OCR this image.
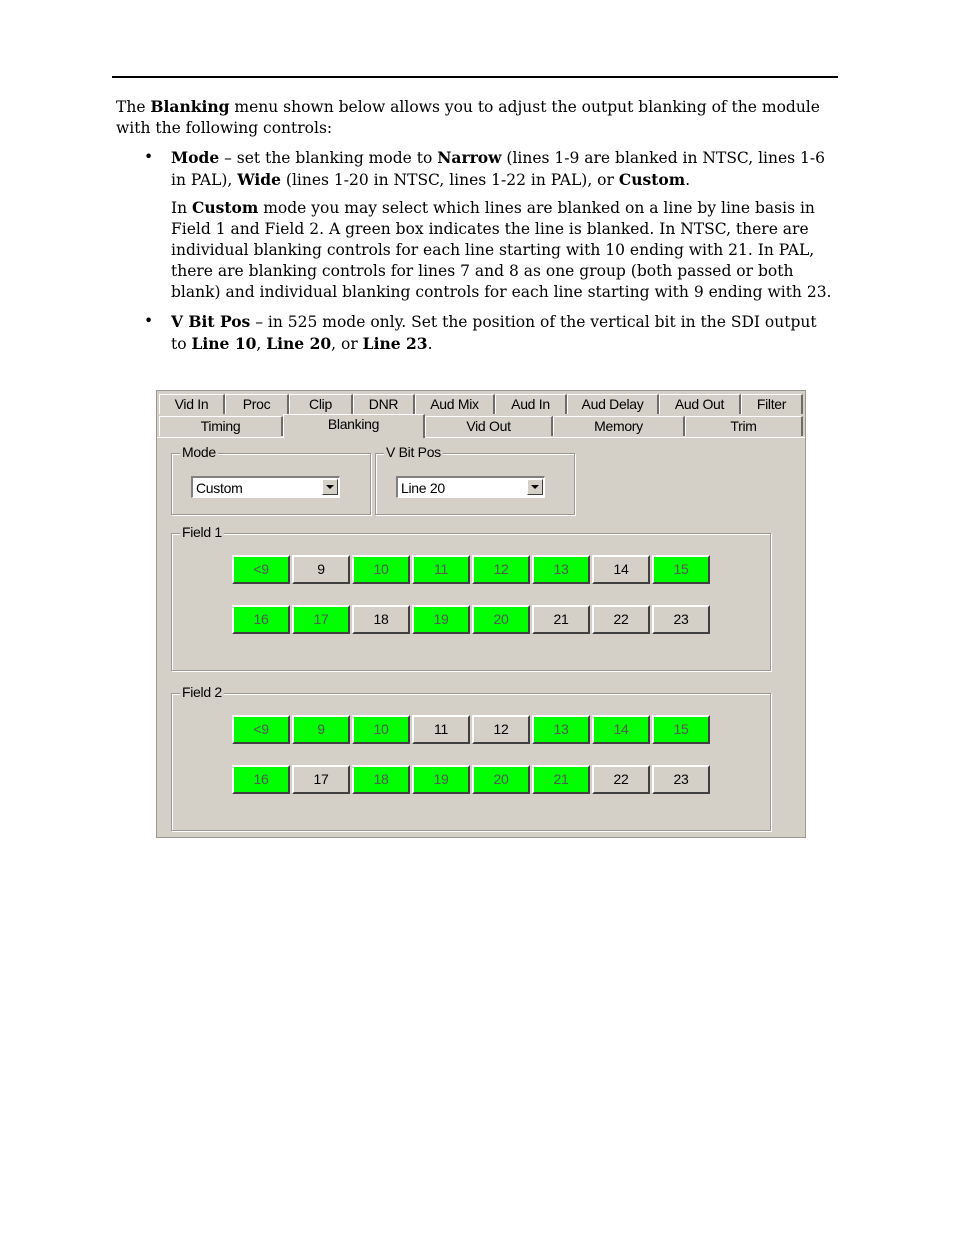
The Blanking menu shown below allows you to adjust the output blanking of the module with the following controls:

• Mode – set the blanking mode to Narrow (lines 1-9 are blanked in NTSC, lines 1-6 in PAL), Wide (lines 1-20 in NTSC, lines 1-22 in PAL), or Custom.

In Custom mode you may select which lines are blanked on a line by line basis in Field 1 and Field 2. A green box indicates the line is blanked. In NTSC, there are individual blanking controls for each line starting with 10 ending with 21. In PAL, there are blanking controls for lines 7 and 8 as one group (both passed or both blank) and individual blanking controls for each line starting with 9 ending with 23.

• V Bit Pos – in 525 mode only. Set the position of the vertical bit in the SDI output to Line 10, Line 20, or Line 23.

Vid In	Proc	Clip	DNR	Aud Mix	Aud In	Aud Delay	Aud Out	Filter
Timing	Blanking	Vid Out	Memory	Trim
Mode
Custom
V Bit Pos
Line 20
Field 1
<9	9	10	11	12	13	14	15
16	17	18	19	20	21	22	23
Field 2
<9	9	10	11	12	13	14	15
16	17	18	19	20	21	22	23
